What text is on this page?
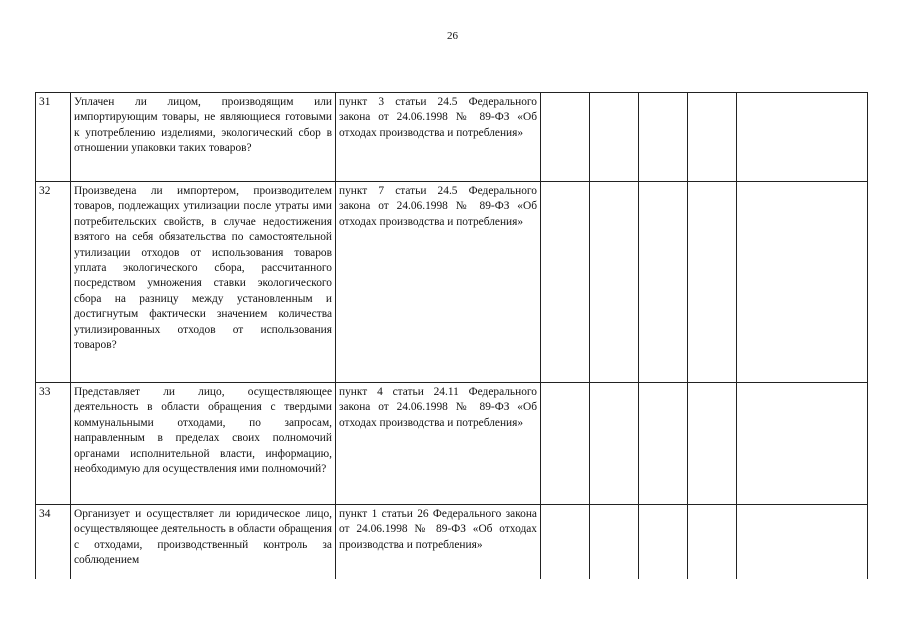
26
31	Уплачен ли лицом, производящим или импортирующим товары, не являющиеся готовыми к употреблению изделиями, экологический сбор в отношении упаковки таких товаров?	пункт 3 статьи 24.5 Федерального закона от 24.06.1998 № 89-ФЗ «Об отходах производства и потребления»					
32	Произведена ли импортером, производителем товаров, подлежащих утилизации после утраты ими потребительских свойств, в случае недостижения взятого на себя обязательства по самостоятельной утилизации отходов от использования товаров уплата экологического сбора, рассчитанного посредством умножения ставки экологического сбора на разницу между установленным и достигнутым фактически значением количества утилизированных отходов от использования товаров?	пункт 7 статьи 24.5 Федерального закона от 24.06.1998 № 89-ФЗ «Об отходах производства и потребления»					
33	Представляет ли лицо, осуществляющее деятельность в области обращения с твердыми коммунальными отходами, по запросам, направленным в пределах своих полномочий органами исполнительной власти, информацию, необходимую для осуществления ими полномочий?	пункт 4 статьи 24.11 Федерального закона от 24.06.1998 № 89-ФЗ «Об отходах производства и потребления»					
34	Организует и осуществляет ли юридическое лицо, осуществляющее деятельность в области обращения с отходами, производственный контроль за соблюдением	пункт 1 статьи 26 Федерального закона от 24.06.1998 № 89-ФЗ «Об отходах производства и потребления»					
